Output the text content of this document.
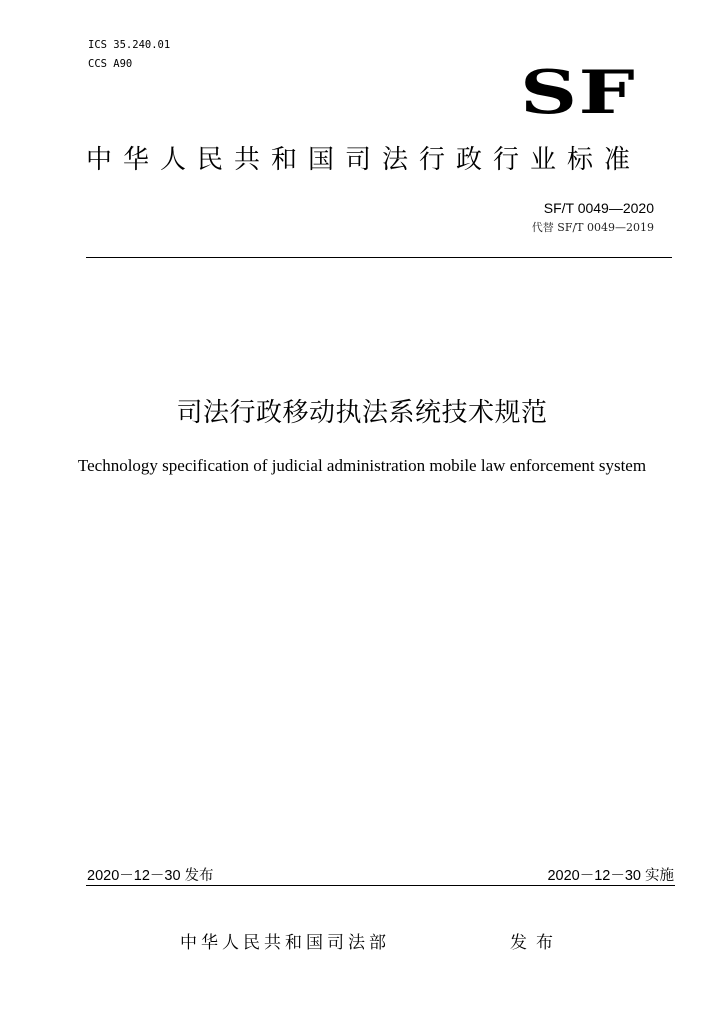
ICS 35.240.01
CCS A90	SF
中华人民共和国司法行政行业标准
SF/T 0049—2020
代替 SF/T 0049—2019
司法行政移动执法系统技术规范
Technology specification of judicial administration mobile law enforcement system
2020－12－30 发布	2020－12－30 实施
中华人民共和国司法部	发布
